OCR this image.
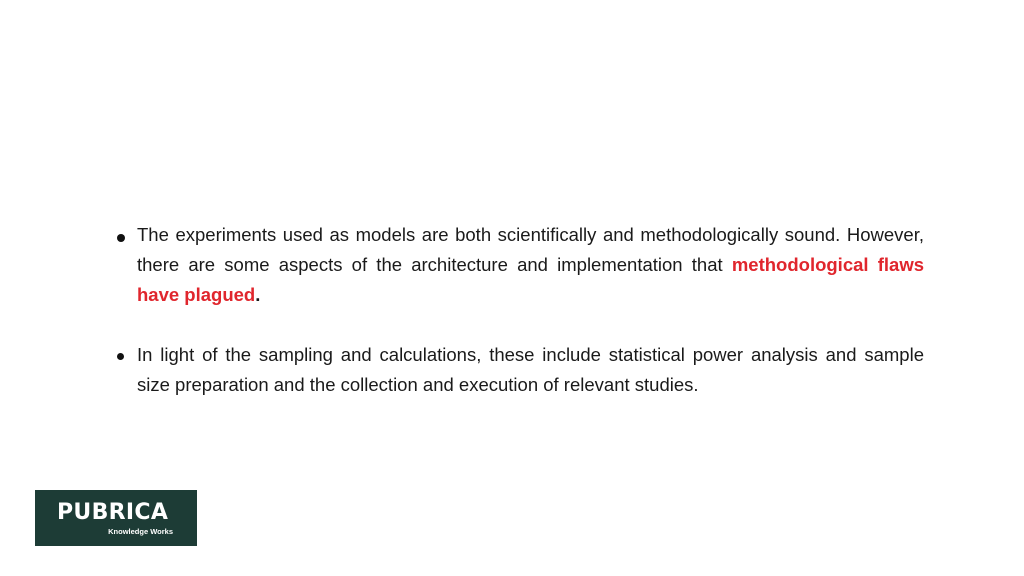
The experiments used as models are both scientifically and methodologically sound. However, there are some aspects of the architecture and implementation that methodological flaws have plagued.
In light of the sampling and calculations, these include statistical power analysis and sample size preparation and the collection and execution of relevant studies.
PUBRICA
Knowledge Works
